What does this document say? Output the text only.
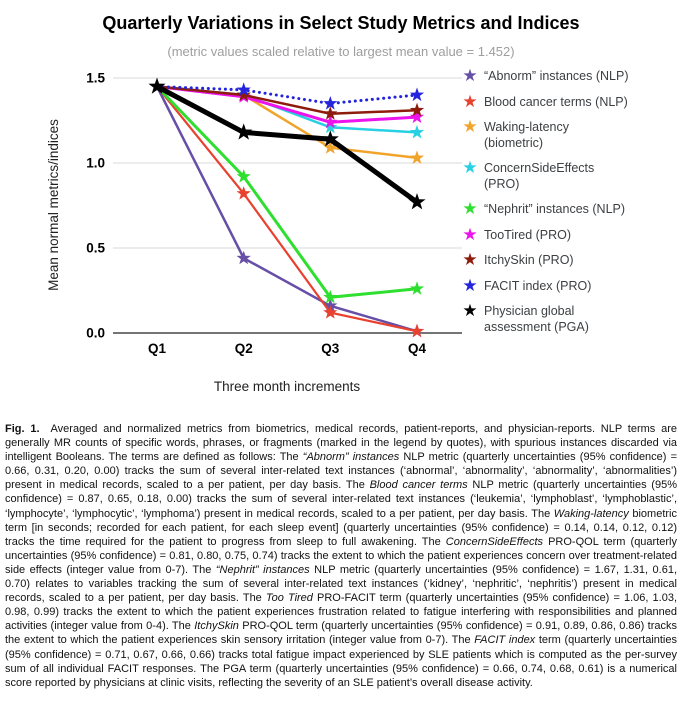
Quarterly Variations in Select Study Metrics and Indices
(metric values scaled relative to largest mean value = 1.452)
0.0
0.5
1.0
1.5
Q1	Q2	Q3	Q4
Mean normal metrics/indices
Three month increments
★ “Abnorm” instances (NLP)
★ Blood cancer terms (NLP)
★ Waking-latency
(biometric)
★ ConcernSideEffects
(PRO)
★ “Nephrit” instances (NLP)
★ TooTired (PRO)
★ ItchySkin (PRO)
★ FACIT index (PRO)
★ Physician global
assessment (PGA)

Fig. 1.  Averaged and normalized metrics from biometrics, medical records, patient-reports, and physician-reports. NLP terms are generally MR counts of specific words, phrases, or fragments (marked in the legend by quotes), with spurious instances discarded via intelligent Booleans. The terms are defined as follows: The “Abnorm” instances NLP metric (quarterly uncertainties (95% confidence) = 0.66, 0.31, 0.20, 0.00) tracks the sum of several inter-related text instances (‘abnormal’, ‘abnormality’, ‘abnormality’, ‘abnormalities’) present in medical records, scaled to a per patient, per day basis. The Blood cancer terms NLP metric (quarterly uncertainties (95% confidence) = 0.87, 0.65, 0.18, 0.00) tracks the sum of several inter-related text instances (‘leukemia’, ‘lymphoblast’, ‘lymphoblastic’, ‘lymphocyte’, ‘lymphocytic’, ‘lymphoma’) present in medical records, scaled to a per patient, per day basis. The Waking-latency biometric term [in seconds; recorded for each patient, for each sleep event] (quarterly uncertainties (95% confidence) = 0.14, 0.14, 0.12, 0.12) tracks the time required for the patient to progress from sleep to full awakening. The ConcernSideEffects PRO-QOL term (quarterly uncertainties (95% confidence) = 0.81, 0.80, 0.75, 0.74) tracks the extent to which the patient experiences concern over treatment-related side effects (integer value from 0-7). The “Nephrit” instances NLP metric (quarterly uncertainties (95% confidence) = 1.67, 1.31, 0.61, 0.70) relates to variables tracking the sum of several inter-related text instances (‘kidney’, ‘nephritic’, ‘nephritis’) present in medical records, scaled to a per patient, per day basis. The Too Tired PRO-FACIT term (quarterly uncertainties (95% confidence) = 1.06, 1.03, 0.98, 0.99) tracks the extent to which the patient experiences frustration related to fatigue interfering with responsibilities and planned activities (integer value from 0-4). The ItchySkin PRO-QOL term (quarterly uncertainties (95% confidence) = 0.91, 0.89, 0.86, 0.86) tracks the extent to which the patient experiences skin sensory irritation (integer value from 0-7). The FACIT index term (quarterly uncertainties (95% confidence) = 0.71, 0.67, 0.66, 0.66) tracks total fatigue impact experienced by SLE patients which is computed as the per-survey sum of all individual FACIT responses. The PGA term (quarterly uncertainties (95% confidence) = 0.66, 0.74, 0.68, 0.61) is a numerical score reported by physicians at clinic visits, reflecting the severity of an SLE patient’s overall disease activity.
